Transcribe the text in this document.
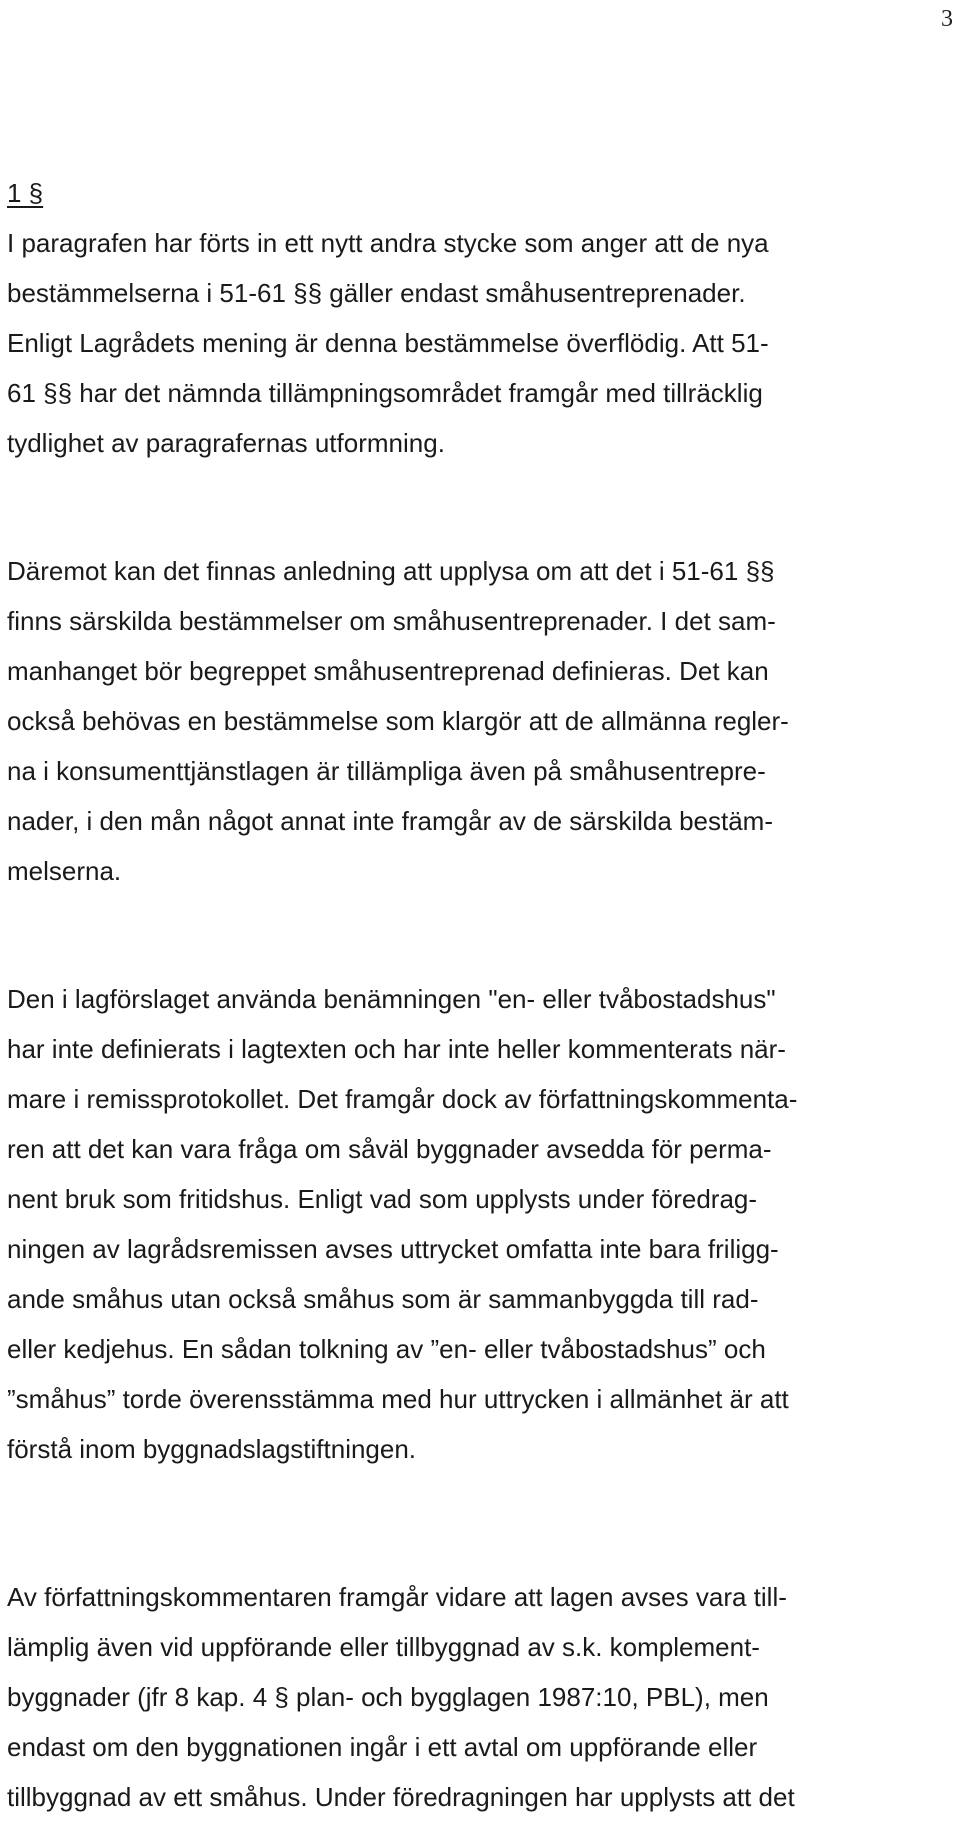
3
1 §
I paragrafen har förts in ett nytt andra stycke som anger att de nya
bestämmelserna i 51-61 §§ gäller endast småhusentreprenader.
Enligt Lagrådets mening är denna bestämmelse överflödig. Att 51-
61 §§ har det nämnda tillämpningsområdet framgår med tillräcklig
tydlighet av paragrafernas utformning.
Däremot kan det finnas anledning att upplysa om att det i 51-61 §§
finns särskilda bestämmelser om småhusentreprenader. I det sam-
manhanget bör begreppet småhusentreprenad definieras. Det kan
också behövas en bestämmelse som klargör att de allmänna regler-
na i konsumenttjänstlagen är tillämpliga även på småhusentrepre-
nader, i den mån något annat inte framgår av de särskilda bestäm-
melserna.
Den i lagförslaget använda benämningen "en- eller tvåbostadshus"
har inte definierats i lagtexten och har inte heller kommenterats när-
mare i remissprotokollet. Det framgår dock av författningskommenta-
ren att det kan vara fråga om såväl byggnader avsedda för perma-
nent bruk som fritidshus. Enligt vad som upplysts under föredrag-
ningen av lagrådsremissen avses uttrycket omfatta inte bara friligg-
ande småhus utan också småhus som är sammanbyggda till rad-
eller kedjehus. En sådan tolkning av ”en- eller tvåbostadshus” och
”småhus” torde överensstämma med hur uttrycken i allmänhet är att
förstå inom byggnadslagstiftningen.
Av författningskommentaren framgår vidare att lagen avses vara till-
lämplig även vid uppförande eller tillbyggnad av s.k. komplement-
byggnader (jfr 8 kap. 4 § plan- och bygglagen 1987:10, PBL), men
endast om den byggnationen ingår i ett avtal om uppförande eller
tillbyggnad av ett småhus. Under föredragningen har upplysts att det
